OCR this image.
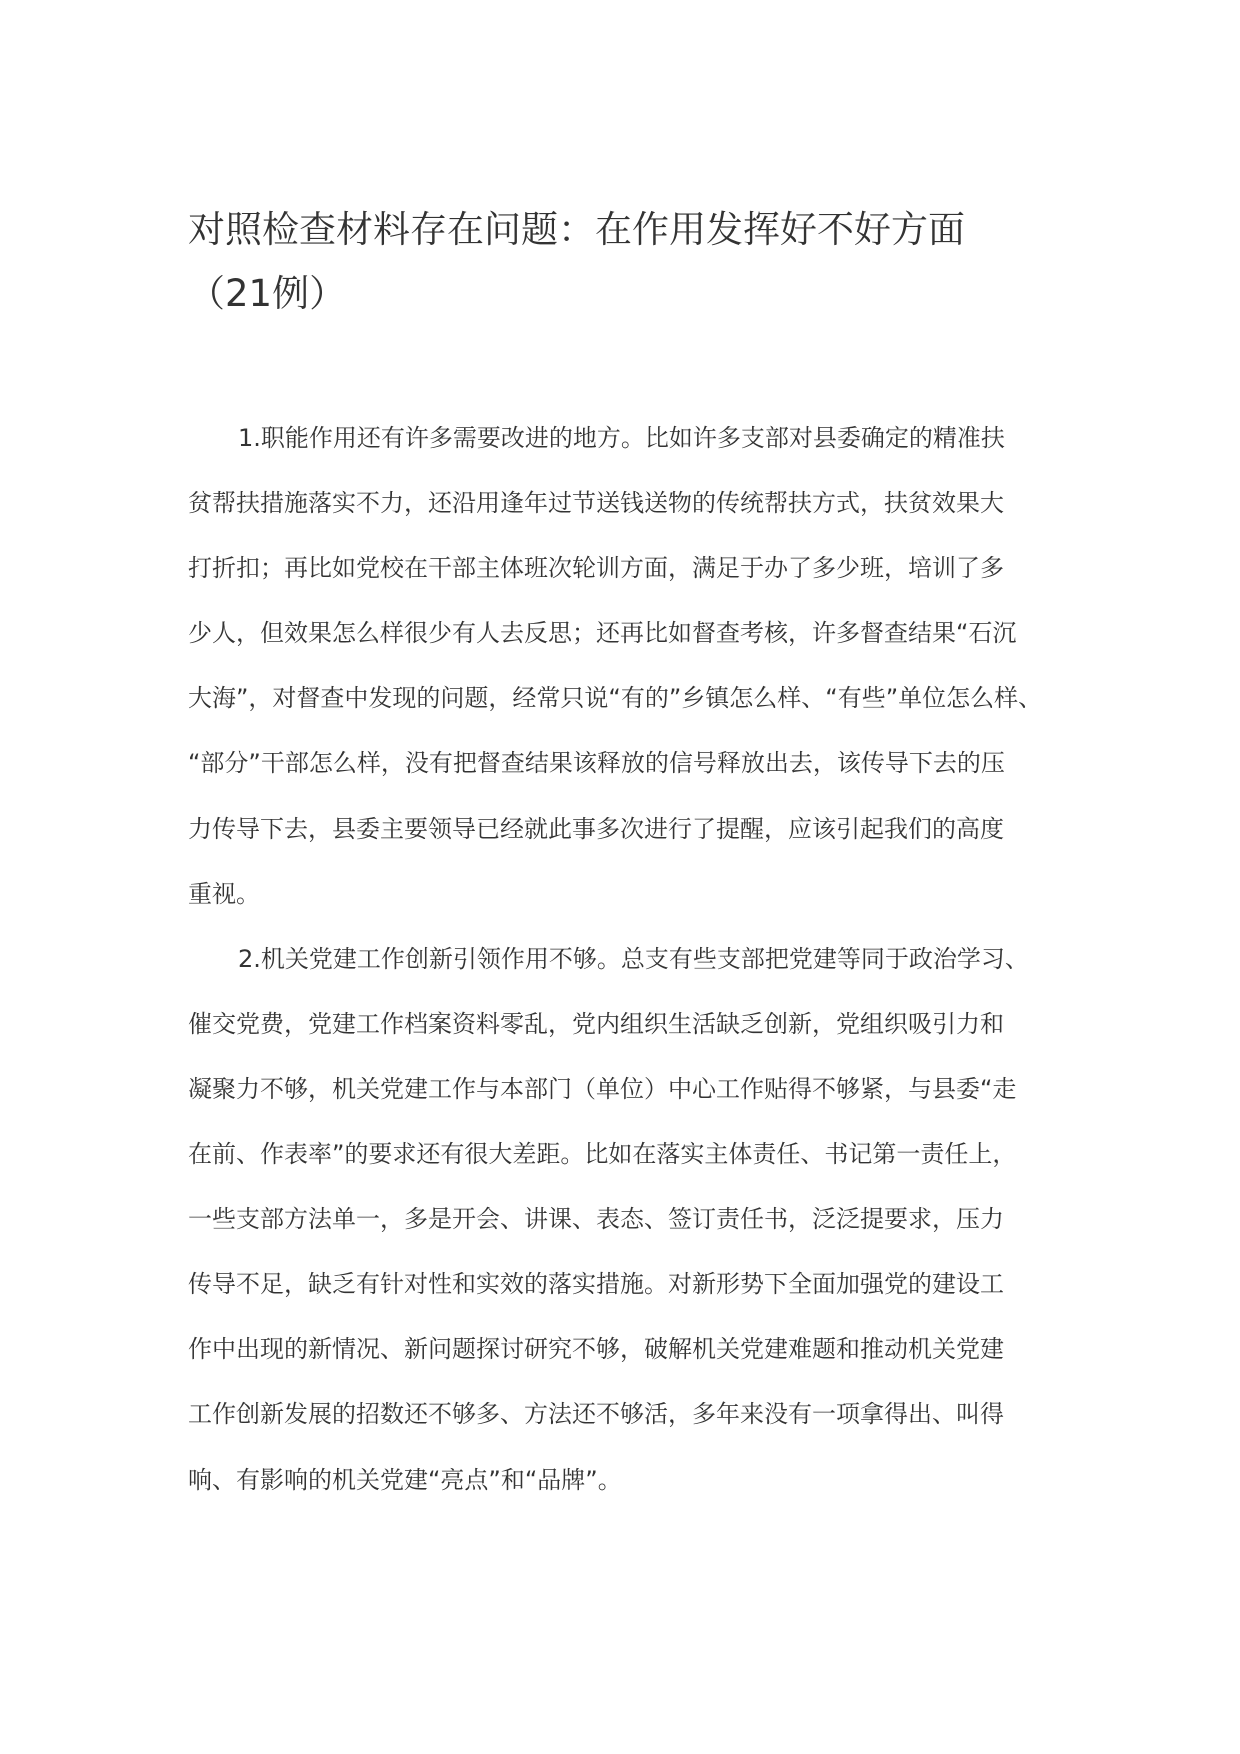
对照检查材料存在问题：在作用发挥好不好方面
（21例）
1.职能作用还有许多需要改进的地方。比如许多支部对县委确定的精准扶
贫帮扶措施落实不力，还沿用逢年过节送钱送物的传统帮扶方式，扶贫效果大
打折扣；再比如党校在干部主体班次轮训方面，满足于办了多少班，培训了多
少人，但效果怎么样很少有人去反思；还再比如督查考核，许多督查结果“石沉
大海”，对督查中发现的问题，经常只说“有的”乡镇怎么样、“有些”单位怎么样、
“部分”干部怎么样，没有把督查结果该释放的信号释放出去，该传导下去的压
力传导下去，县委主要领导已经就此事多次进行了提醒，应该引起我们的高度
重视。
2.机关党建工作创新引领作用不够。总支有些支部把党建等同于政治学习、
催交党费，党建工作档案资料零乱，党内组织生活缺乏创新，党组织吸引力和
凝聚力不够，机关党建工作与本部门（单位）中心工作贴得不够紧，与县委“走
在前、作表率”的要求还有很大差距。比如在落实主体责任、书记第一责任上，
一些支部方法单一，多是开会、讲课、表态、签订责任书，泛泛提要求，压力
传导不足，缺乏有针对性和实效的落实措施。对新形势下全面加强党的建设工
作中出现的新情况、新问题探讨研究不够，破解机关党建难题和推动机关党建
工作创新发展的招数还不够多、方法还不够活，多年来没有一项拿得出、叫得
响、有影响的机关党建“亮点”和“品牌”。
